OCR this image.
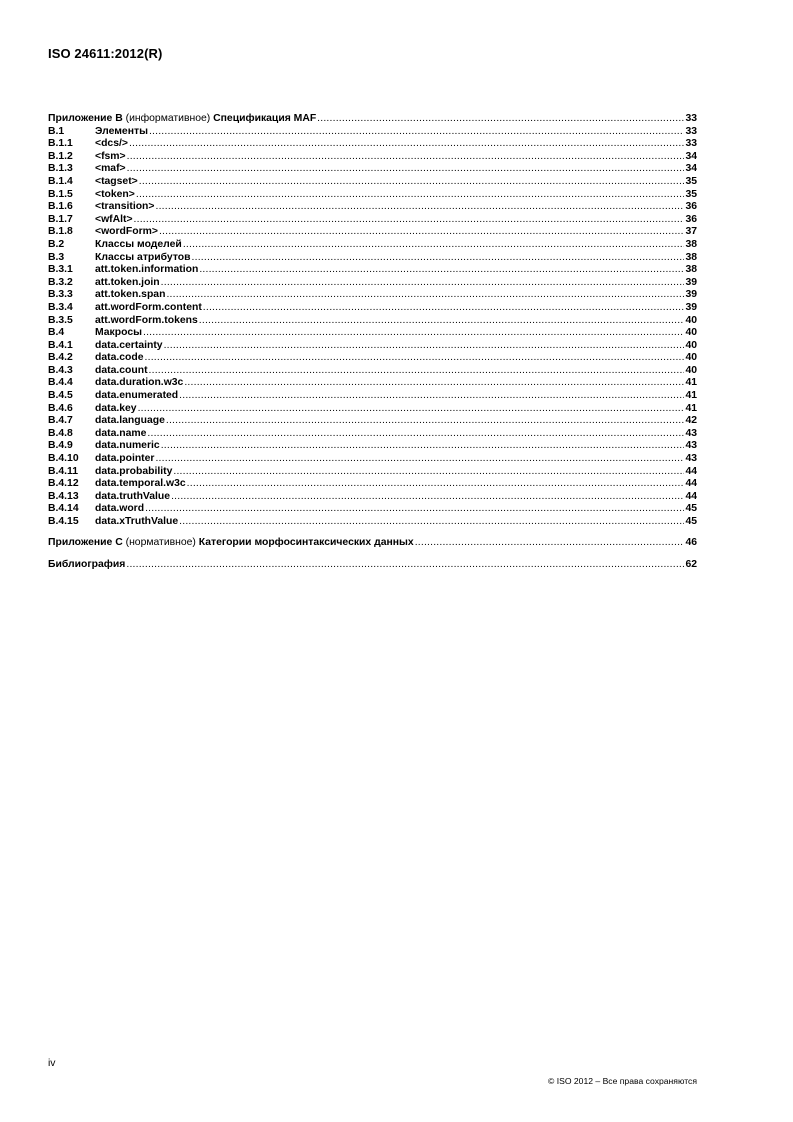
ISO 24611:2012(R)
Приложение B (информативное) Спецификация MAF .....	33
B.1	Элементы .....	33
B.1.1	<dcs/> .....	33
B.1.2	<fsm> .....	34
B.1.3	<maf> .....	34
B.1.4	<tagset> .....	35
B.1.5	<token> .....	35
B.1.6	<transition> .....	36
B.1.7	<wfAlt> .....	36
B.1.8	<wordForm> .....	37
B.2	Классы моделей .....	38
B.3	Классы атрибутов .....	38
B.3.1	att.token.information .....	38
B.3.2	att.token.join .....	39
B.3.3	att.token.span .....	39
B.3.4	att.wordForm.content .....	39
B.3.5	att.wordForm.tokens .....	40
B.4	Макросы .....	40
B.4.1	data.certainty .....	40
B.4.2	data.code .....	40
B.4.3	data.count .....	40
B.4.4	data.duration.w3c .....	41
B.4.5	data.enumerated .....	41
B.4.6	data.key .....	41
B.4.7	data.language .....	42
B.4.8	data.name .....	43
B.4.9	data.numeric .....	43
B.4.10	data.pointer .....	43
B.4.11	data.probability .....	44
B.4.12	data.temporal.w3c .....	44
B.4.13	data.truthValue .....	44
B.4.14	data.word .....	45
B.4.15	data.xTruthValue .....	45
Приложение C (нормативное) Категории морфосинтаксических данных .....	46
Библиография .....	62
iv
© ISO 2012 – Все права сохраняются
